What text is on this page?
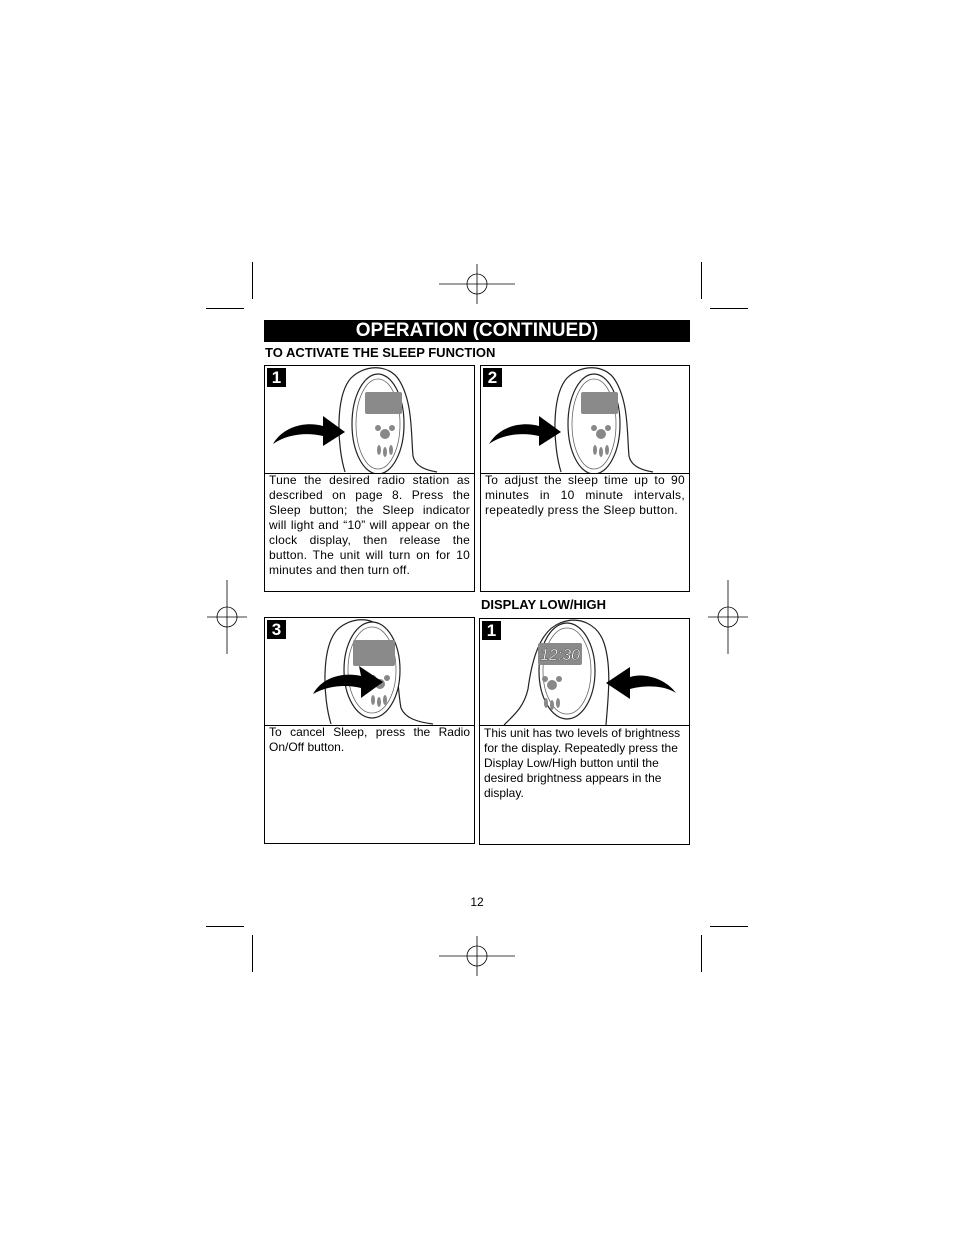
OPERATION (CONTINUED)
TO ACTIVATE THE SLEEP FUNCTION
DISPLAY LOW/HIGH
1
Tune the desired radio station as described on page 8. Press the Sleep button; the Sleep indicator will light and “10” will appear on the clock display, then release the button. The unit will turn on for 10 minutes and then turn off.
2
To adjust the sleep time up to 90 minutes in 10 minute intervals, repeatedly press the Sleep button.
3
To cancel Sleep, press the Radio On/Off button.
12:30
1
This unit has two levels of brightness for the display. Repeatedly press the Display Low/High button until the desired brightness appears in the display.
12
